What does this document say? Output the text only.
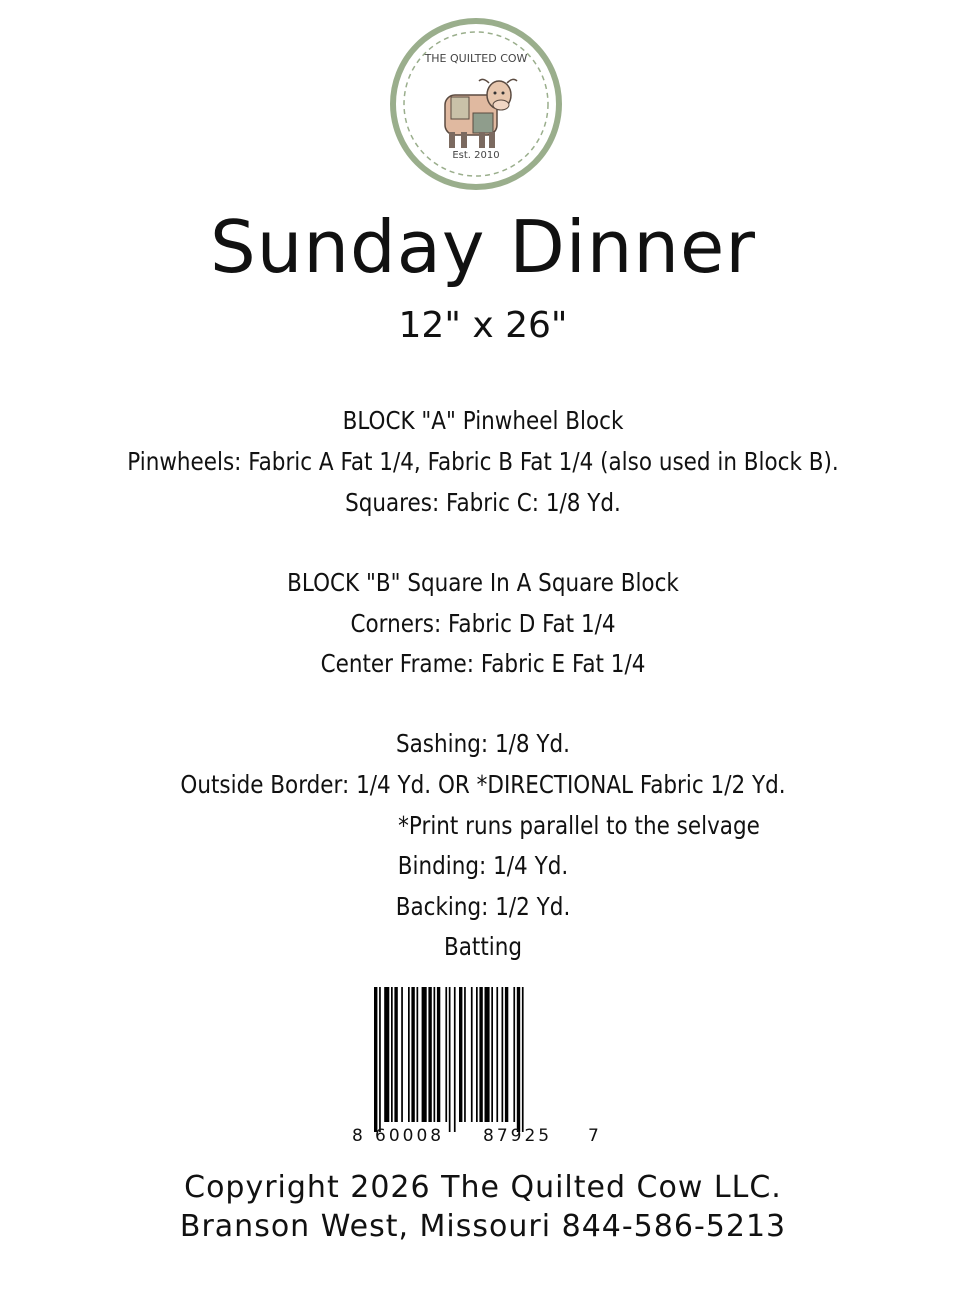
THE QUILTED COW
Est. 2010
Sunday Dinner
12" x 26"
BLOCK "A" Pinwheel Block
Pinwheels: Fabric A Fat 1/4, Fabric B Fat 1/4 (also used in Block B).
Squares: Fabric C: 1/8 Yd.
BLOCK "B" Square In A Square Block
Corners: Fabric D Fat 1/4
Center Frame: Fabric E Fat 1/4
Sashing: 1/8 Yd.
Outside Border: 1/4 Yd. OR *DIRECTIONAL Fabric 1/2 Yd.
*Print runs parallel to the selvage
Binding: 1/4 Yd.
Backing: 1/2 Yd.
Batting
8 60008 87925 7
Copyright 2026 The Quilted Cow LLC.
Branson West, Missouri 844-586-5213
